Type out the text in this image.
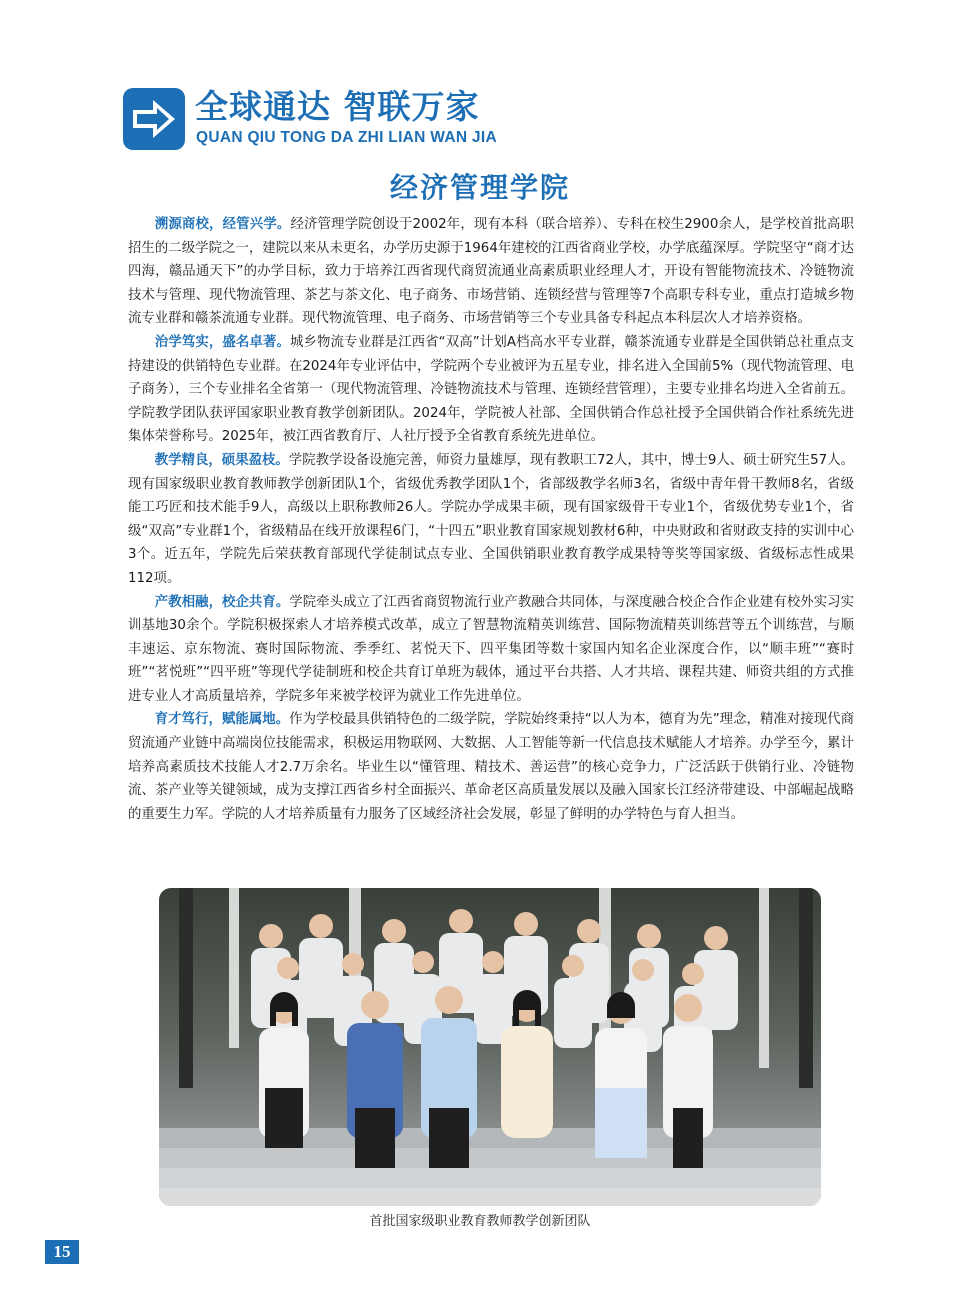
全球通达 智联万家
QUAN QIU TONG DA ZHI LIAN WAN JIA
经济管理学院

溯源商校，经管兴学。经济管理学院创设于2002年，现有本科（联合培养）、专科在校生2900余人，是学校首批高职招生的二级学院之一，建院以来从未更名，办学历史源于1964年建校的江西省商业学校，办学底蕴深厚。学院坚守“商才达四海，赣品通天下”的办学目标，致力于培养江西省现代商贸流通业高素质职业经理人才，开设有智能物流技术、冷链物流技术与管理、现代物流管理、茶艺与茶文化、电子商务、市场营销、连锁经营与管理等7个高职专科专业，重点打造城乡物流专业群和赣茶流通专业群。现代物流管理、电子商务、市场营销等三个专业具备专科起点本科层次人才培养资格。

治学笃实，盛名卓著。城乡物流专业群是江西省“双高”计划A档高水平专业群，赣茶流通专业群是全国供销总社重点支持建设的供销特色专业群。在2024年专业评估中，学院两个专业被评为五星专业，排名进入全国前5%（现代物流管理、电子商务），三个专业排名全省第一（现代物流管理、冷链物流技术与管理、连锁经营管理），主要专业排名均进入全省前五。学院教学团队获评国家职业教育教学创新团队。2024年，学院被人社部、全国供销合作总社授予全国供销合作社系统先进集体荣誉称号。2025年，被江西省教育厅、人社厅授予全省教育系统先进单位。

教学精良，硕果盈枝。学院教学设备设施完善，师资力量雄厚，现有教职工72人，其中，博士9人、硕士研究生57人。现有国家级职业教育教师教学创新团队1个，省级优秀教学团队1个，省部级教学名师3名，省级中青年骨干教师8名，省级能工巧匠和技术能手9人，高级以上职称教师26人。学院办学成果丰硕，现有国家级骨干专业1个，省级优势专业1个，省级“双高”专业群1个，省级精品在线开放课程6门，“十四五”职业教育国家规划教材6种，中央财政和省财政支持的实训中心3个。近五年，学院先后荣获教育部现代学徒制试点专业、全国供销职业教育教学成果特等奖等国家级、省级标志性成果112项。

产教相融，校企共育。学院牵头成立了江西省商贸物流行业产教融合共同体，与深度融合校企合作企业建有校外实习实训基地30余个。学院积极探索人才培养模式改革，成立了智慧物流精英训练营、国际物流精英训练营等五个训练营，与顺丰速运、京东物流、赛时国际物流、季季红、茗悦天下、四平集团等数十家国内知名企业深度合作，以“顺丰班”“赛时班”“茗悦班”“四平班”等现代学徒制班和校企共育订单班为载体，通过平台共搭、人才共培、课程共建、师资共组的方式推进专业人才高质量培养，学院多年来被学校评为就业工作先进单位。

育才笃行，赋能属地。作为学校最具供销特色的二级学院，学院始终秉持“以人为本，德育为先”理念，精准对接现代商贸流通产业链中高端岗位技能需求，积极运用物联网、大数据、人工智能等新一代信息技术赋能人才培养。办学至今，累计培养高素质技术技能人才2.7万余名。毕业生以“懂管理、精技术、善运营”的核心竞争力，广泛活跃于供销行业、冷链物流、茶产业等关键领域，成为支撑江西省乡村全面振兴、革命老区高质量发展以及融入国家长江经济带建设、中部崛起战略的重要生力军。学院的人才培养质量有力服务了区域经济社会发展，彰显了鲜明的办学特色与育人担当。

首批国家级职业教育教师教学创新团队
15
